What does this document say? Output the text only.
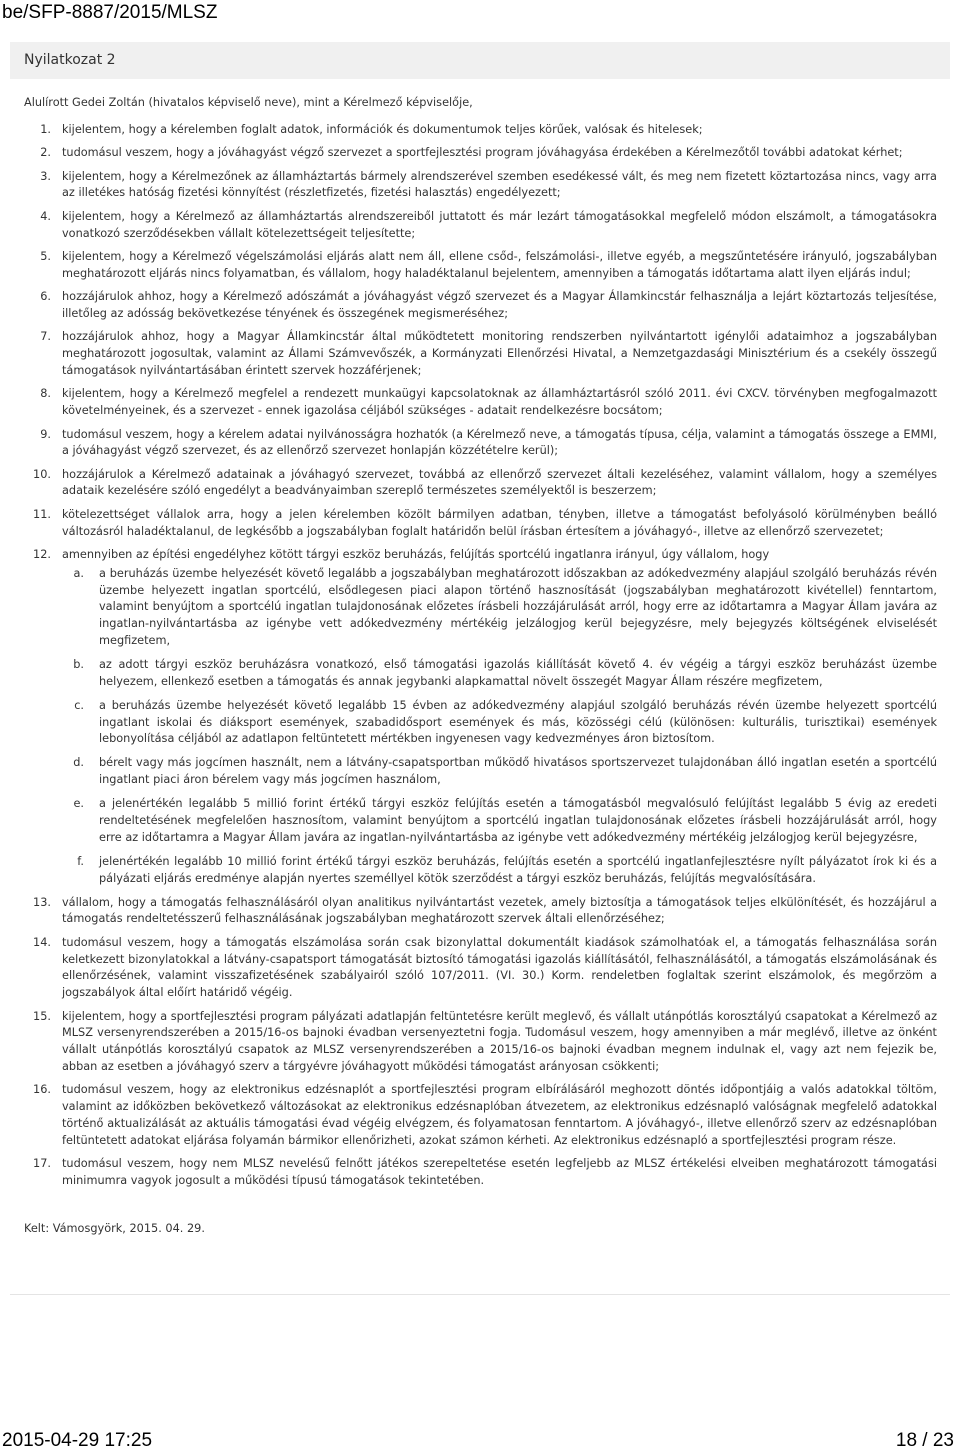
be/SFP-8887/2015/MLSZ
Nyilatkozat 2

Alulírott Gedei Zoltán (hivatalos képviselő neve), mint a Kérelmező képviselője,

1. kijelentem, hogy a kérelemben foglalt adatok, információk és dokumentumok teljes körűek, valósak és hitelesek;
2. tudomásul veszem, hogy a jóváhagyást végző szervezet a sportfejlesztési program jóváhagyása érdekében a Kérelmezőtől további adatokat kérhet;
3. kijelentem, hogy a Kérelmezőnek az államháztartás bármely alrendszerével szemben esedékessé vált, és meg nem fizetett köztartozása nincs, vagy arra az illetékes hatóság fizetési könnyítést (részletfizetés, fizetési halasztás) engedélyezett;
4. kijelentem, hogy a Kérelmező az államháztartás alrendszereiből juttatott és már lezárt támogatásokkal megfelelő módon elszámolt, a támogatásokra vonatkozó szerződésekben vállalt kötelezettségeit teljesítette;
5. kijelentem, hogy a Kérelmező végelszámolási eljárás alatt nem áll, ellene csőd-, felszámolási-, illetve egyéb, a megszűntetésére irányuló, jogszabályban meghatározott eljárás nincs folyamatban, és vállalom, hogy haladéktalanul bejelentem, amennyiben a támogatás időtartama alatt ilyen eljárás indul;
6. hozzájárulok ahhoz, hogy a Kérelmező adószámát a jóváhagyást végző szervezet és a Magyar Államkincstár felhasználja a lejárt köztartozás teljesítése, illetőleg az adósság bekövetkezése tényének és összegének megismeréséhez;
7. hozzájárulok ahhoz, hogy a Magyar Államkincstár által működtetett monitoring rendszerben nyilvántartott igénylői adataimhoz a jogszabályban meghatározott jogosultak, valamint az Állami Számvevőszék, a Kormányzati Ellenőrzési Hivatal, a Nemzetgazdasági Minisztérium és a csekély összegű támogatások nyilvántartásában érintett szervek hozzáférjenek;
8. kijelentem, hogy a Kérelmező megfelel a rendezett munkaügyi kapcsolatoknak az államháztartásról szóló 2011. évi CXCV. törvényben megfogalmazott követelményeinek, és a szervezet - ennek igazolása céljából szükséges - adatait rendelkezésre bocsátom;
9. tudomásul veszem, hogy a kérelem adatai nyilvánosságra hozhatók (a Kérelmező neve, a támogatás típusa, célja, valamint a támogatás összege a EMMI, a jóváhagyást végző szervezet, és az ellenőrző szervezet honlapján közzétételre kerül);
10. hozzájárulok a Kérelmező adatainak a jóváhagyó szervezet, továbbá az ellenőrző szervezet általi kezeléséhez, valamint vállalom, hogy a személyes adataik kezelésére szóló engedélyt a beadványaimban szereplő természetes személyektől is beszerzem;
11. kötelezettséget vállalok arra, hogy a jelen kérelemben közölt bármilyen adatban, tényben, illetve a támogatást befolyásoló körülményben beálló változásról haladéktalanul, de legkésőbb a jogszabályban foglalt határidőn belül írásban értesítem a jóváhagyó-, illetve az ellenőrző szervezetet;
12. amennyiben az építési engedélyhez kötött tárgyi eszköz beruházás, felújítás sportcélú ingatlanra irányul, úgy vállalom, hogy
a. a beruházás üzembe helyezését követő legalább a jogszabályban meghatározott időszakban az adókedvezmény alapjául szolgáló beruházás révén üzembe helyezett ingatlan sportcélú, elsődlegesen piaci alapon történő hasznosítását (jogszabályban meghatározott kivétellel) fenntartom, valamint benyújtom a sportcélú ingatlan tulajdonosának előzetes írásbeli hozzájárulását arról, hogy erre az időtartamra a Magyar Állam javára az ingatlan-nyilvántartásba az igénybe vett adókedvezmény mértékéig jelzálogjog kerül bejegyzésre, mely bejegyzés költségének elviselését megfizetem,
b. az adott tárgyi eszköz beruházásra vonatkozó, első támogatási igazolás kiállítását követő 4. év végéig a tárgyi eszköz beruházást üzembe helyezem, ellenkező esetben a támogatás és annak jegybanki alapkamattal növelt összegét Magyar Állam részére megfizetem,
c. a beruházás üzembe helyezését követő legalább 15 évben az adókedvezmény alapjául szolgáló beruházás révén üzembe helyezett sportcélú ingatlant iskolai és diáksport események, szabadidősport események és más, közösségi célú (különösen: kulturális, turisztikai) események lebonyolítása céljából az adatlapon feltüntetett mértékben ingyenesen vagy kedvezményes áron biztosítom.
d. bérelt vagy más jogcímen használt, nem a látvány-csapatsportban működő hivatásos sportszervezet tulajdonában álló ingatlan esetén a sportcélú ingatlant piaci áron bérelem vagy más jogcímen használom,
e. a jelenértékén legalább 5 millió forint értékű tárgyi eszköz felújítás esetén a támogatásból megvalósuló felújítást legalább 5 évig az eredeti rendeltetésének megfelelően hasznosítom, valamint benyújtom a sportcélú ingatlan tulajdonosának előzetes írásbeli hozzájárulását arról, hogy erre az időtartamra a Magyar Állam javára az ingatlan-nyilvántartásba az igénybe vett adókedvezmény mértékéig jelzálogjog kerül bejegyzésre,
f. jelenértékén legalább 10 millió forint értékű tárgyi eszköz beruházás, felújítás esetén a sportcélú ingatlanfejlesztésre nyílt pályázatot írok ki és a pályázati eljárás eredménye alapján nyertes személlyel kötök szerződést a tárgyi eszköz beruházás, felújítás megvalósítására.
13. vállalom, hogy a támogatás felhasználásáról olyan analitikus nyilvántartást vezetek, amely biztosítja a támogatások teljes elkülönítését, és hozzájárul a támogatás rendeltetésszerű felhasználásának jogszabályban meghatározott szervek általi ellenőrzéséhez;
14. tudomásul veszem, hogy a támogatás elszámolása során csak bizonylattal dokumentált kiadások számolhatóak el, a támogatás felhasználása során keletkezett bizonylatokkal a látvány-csapatsport támogatását biztosító támogatási igazolás kiállításától, felhasználásától, a támogatás elszámolásának és ellenőrzésének, valamint visszafizetésének szabályairól szóló 107/2011. (VI. 30.) Korm. rendeletben foglaltak szerint elszámolok, és megőrzöm a jogszabályok által előírt határidő végéig.
15. kijelentem, hogy a sportfejlesztési program pályázati adatlapján feltüntetésre került meglevő, és vállalt utánpótlás korosztályú csapatokat a Kérelmező az MLSZ versenyrendszerében a 2015/16-os bajnoki évadban versenyeztetni fogja. Tudomásul veszem, hogy amennyiben a már meglévő, illetve az önként vállalt utánpótlás korosztályú csapatok az MLSZ versenyrendszerében a 2015/16-os bajnoki évadban megnem indulnak el, vagy azt nem fejezik be, abban az esetben a jóváhagyó szerv a tárgyévre jóváhagyott működési támogatást arányosan csökkenti;
16. tudomásul veszem, hogy az elektronikus edzésnaplót a sportfejlesztési program elbírálásáról meghozott döntés időpontjáig a valós adatokkal töltöm, valamint az időközben bekövetkező változásokat az elektronikus edzésnaplóban átvezetem, az elektronikus edzésnapló valóságnak megfelelő adatokkal történő aktualizálását az aktuális támogatási évad végéig elvégzem, és folyamatosan fenntartom. A jóváhagyó-, illetve ellenőrző szerv az edzésnaplóban feltüntetett adatokat eljárása folyamán bármikor ellenőrizheti, azokat számon kérheti. Az elektronikus edzésnapló a sportfejlesztési program része.
17. tudomásul veszem, hogy nem MLSZ nevelésű felnőtt játékos szerepeltetése esetén legfeljebb az MLSZ értékelési elveiben meghatározott támogatási minimumra vagyok jogosult a működési típusú támogatások tekintetében.
Kelt: Vámosgyörk, 2015. 04. 29.
2015-04-29 17:25	18 / 23
